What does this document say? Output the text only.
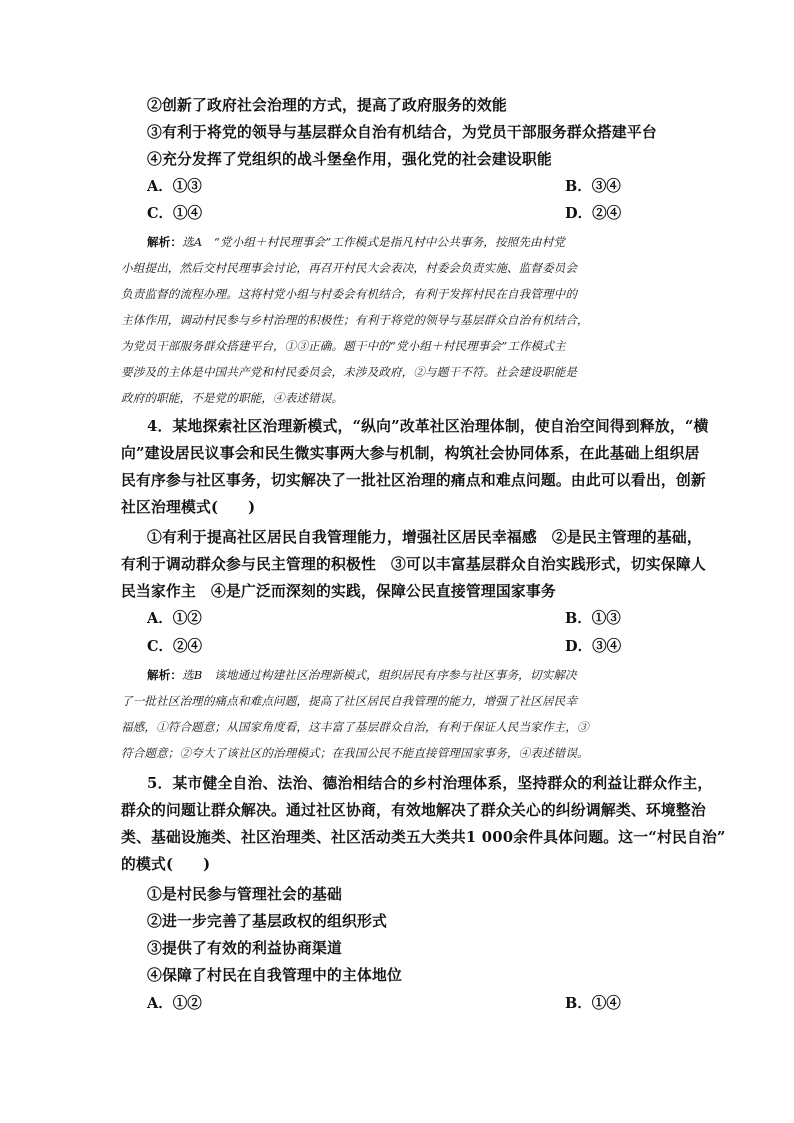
②创新了政府社会治理的方式，提高了政府服务的效能
③有利于将党的领导与基层群众自治有机结合，为党员干部服务群众搭建平台
④充分发挥了党组织的战斗堡垒作用，强化党的社会建设职能
A．①③	B．③④
C．①④	D．②④
解析：选A　“党小组＋村民理事会”工作模式是指凡村中公共事务，按照先由村党
小组提出，然后交村民理事会讨论，再召开村民大会表决，村委会负责实施、监督委员会
负责监督的流程办理。这将村党小组与村委会有机结合，有利于发挥村民在自我管理中的
主体作用，调动村民参与乡村治理的积极性；有利于将党的领导与基层群众自治有机结合，
为党员干部服务群众搭建平台，①③正确。题干中的“党小组＋村民理事会”工作模式主
要涉及的主体是中国共产党和村民委员会，未涉及政府，②与题干不符。社会建设职能是
政府的职能，不是党的职能，④表述错误。
4．某地探索社区治理新模式，“纵向”改革社区治理体制，使自治空间得到释放，“横
向”建设居民议事会和民生微实事两大参与机制，构筑社会协同体系，在此基础上组织居
民有序参与社区事务，切实解决了一批社区治理的痛点和难点问题。由此可以看出，创新
社区治理模式(　　)
①有利于提高社区居民自我管理能力，增强社区居民幸福感　②是民主管理的基础，
有利于调动群众参与民主管理的积极性　③可以丰富基层群众自治实践形式，切实保障人
民当家作主　④是广泛而深刻的实践，保障公民直接管理国家事务
A．①②	B．①③
C．②④	D．③④
解析：选B　该地通过构建社区治理新模式，组织居民有序参与社区事务，切实解决
了一批社区治理的痛点和难点问题，提高了社区居民自我管理的能力，增强了社区居民幸
福感，①符合题意；从国家角度看，这丰富了基层群众自治，有利于保证人民当家作主，③
符合题意；②夸大了该社区的治理模式；在我国公民不能直接管理国家事务，④表述错误。
5．某市健全自治、法治、德治相结合的乡村治理体系，坚持群众的利益让群众作主，
群众的问题让群众解决。通过社区协商，有效地解决了群众关心的纠纷调解类、环境整治
类、基础设施类、社区治理类、社区活动类五大类共1 000余件具体问题。这一“村民自治”
的模式(　　)
①是村民参与管理社会的基础
②进一步完善了基层政权的组织形式
③提供了有效的利益协商渠道
④保障了村民在自我管理中的主体地位
A．①②	B．①④
